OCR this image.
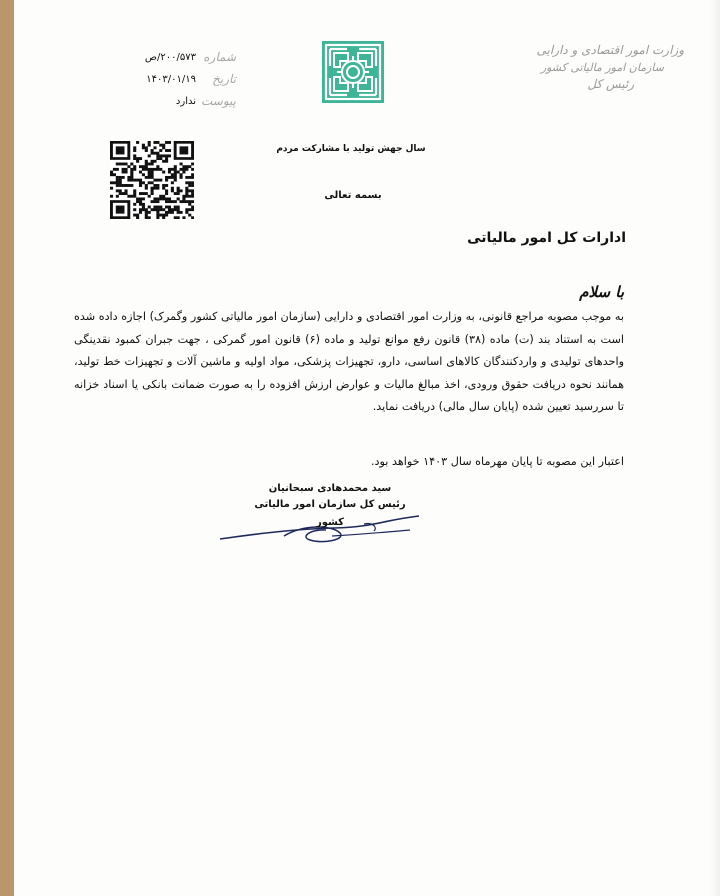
وزارت امور اقتصادی و دارایی
سازمان امور مالیاتی کشور
رئیس کل
شماره
۲۰۰/۵۷۳/ص
تاریخ
۱۴۰۳/۰۱/۱۹
پیوست
ندارد
سال جهش تولید با مشارکت مردم
بسمه تعالی
ادارات کل امور مالیاتی
با سلام

به موجب مصوبه مراجع قانونی، به وزارت امور اقتصادی و دارایی (سازمان امور مالیاتی کشور وگمرک) اجازه داده شده است به استناد بند (ت) ماده (۳۸) قانون رفع موانع تولید و ماده (۶) قانون امور گمرکی ، جهت جبران کمبود نقدینگی واحدهای تولیدی و واردکنندگان کالاهای اساسی، دارو، تجهیزات پزشکی، مواد اولیه و ماشین آلات و تجهیزات خط تولید، همانند نحوه دریافت حقوق ورودی، اخذ مبالغ مالیات و عوارض ارزش افزوده را به صورت ضمانت بانکی یا اسناد خزانه تا سررسید تعیین شده (پایان سال مالی) دریافت نماید.

اعتبار این مصوبه تا پایان مهرماه سال ۱۴۰۳ خواهد بود.
سید محمدهادی سبحانیان
رئیس کل سازمان امور مالیاتی کشور
